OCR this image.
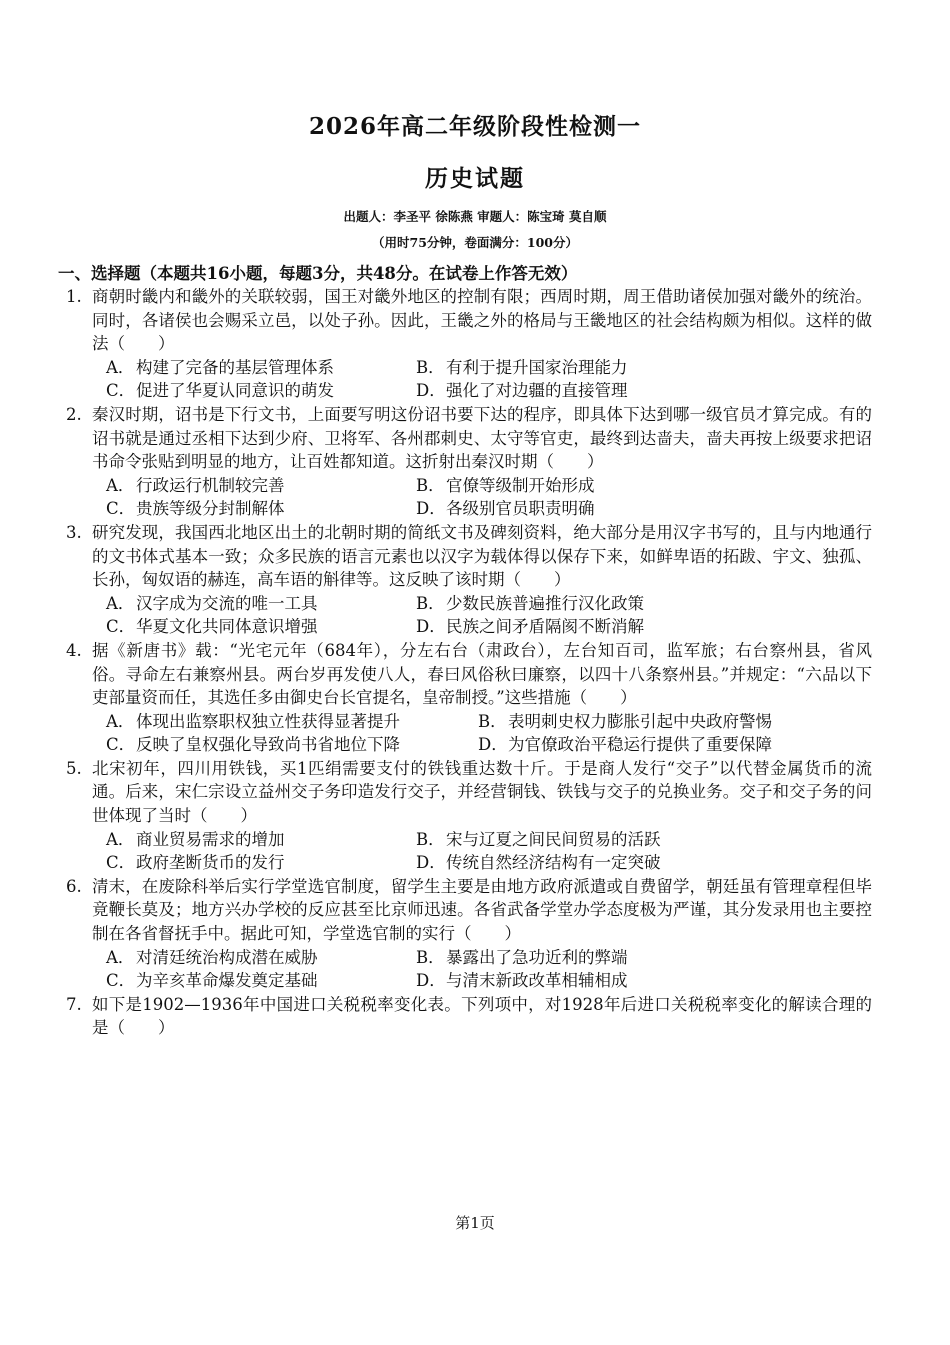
2026年高二年级阶段性检测一
历史试题
出题人：李圣平 徐陈燕 审题人：陈宝琦 莫自顺
（用时75分钟，卷面满分：100分）
一、选择题（本题共16小题，每题3分，共48分。在试卷上作答无效）
1. 商朝时畿内和畿外的关联较弱，国王对畿外地区的控制有限；西周时期，周王借助诸侯加强对畿外的统治。同时，各诸侯也会赐采立邑，以处子孙。因此，王畿之外的格局与王畿地区的社会结构颇为相似。这样的做法（　　）
A．构建了完备的基层管理体系	B．有利于提升国家治理能力
C．促进了华夏认同意识的萌发	D．强化了对边疆的直接管理
2. 秦汉时期，诏书是下行文书，上面要写明这份诏书要下达的程序，即具体下达到哪一级官员才算完成。有的诏书就是通过丞相下达到少府、卫将军、各州郡刺史、太守等官吏，最终到达啬夫，啬夫再按上级要求把诏书命令张贴到明显的地方，让百姓都知道。这折射出秦汉时期（　　）
A．行政运行机制较完善	B．官僚等级制开始形成
C．贵族等级分封制解体	D．各级别官员职责明确
3. 研究发现，我国西北地区出土的北朝时期的简纸文书及碑刻资料，绝大部分是用汉字书写的，且与内地通行的文书体式基本一致；众多民族的语言元素也以汉字为载体得以保存下来，如鲜卑语的拓跋、宇文、独孤、长孙，匈奴语的赫连，高车语的斛律等。这反映了该时期（　　）
A．汉字成为交流的唯一工具	B．少数民族普遍推行汉化政策
C．华夏文化共同体意识增强	D．民族之间矛盾隔阂不断消解
4. 据《新唐书》载：“光宅元年（684年），分左右台（肃政台），左台知百司，监军旅；右台察州县，省风俗。寻命左右兼察州县。两台岁再发使八人，春曰风俗秋曰廉察，以四十八条察州县。”并规定：“六品以下吏部量资而任，其选任多由御史台长官提名，皇帝制授。”这些措施（　　）
A．体现出监察职权独立性获得显著提升	B．表明刺史权力膨胀引起中央政府警惕
C．反映了皇权强化导致尚书省地位下降	D．为官僚政治平稳运行提供了重要保障
5. 北宋初年，四川用铁钱，买1匹绢需要支付的铁钱重达数十斤。于是商人发行“交子”以代替金属货币的流通。后来，宋仁宗设立益州交子务印造发行交子，并经营铜钱、铁钱与交子的兑换业务。交子和交子务的问世体现了当时（　　）
A．商业贸易需求的增加	B．宋与辽夏之间民间贸易的活跃
C．政府垄断货币的发行	D．传统自然经济结构有一定突破
6. 清末，在废除科举后实行学堂选官制度，留学生主要是由地方政府派遣或自费留学，朝廷虽有管理章程但毕竟鞭长莫及；地方兴办学校的反应甚至比京师迅速。各省武备学堂办学态度极为严谨，其分发录用也主要控制在各省督抚手中。据此可知，学堂选官制的实行（　　）
A．对清廷统治构成潜在威胁	B．暴露出了急功近利的弊端
C．为辛亥革命爆发奠定基础	D．与清末新政改革相辅相成
7. 如下是1902—1936年中国进口关税税率变化表。下列项中，对1928年后进口关税税率变化的解读合理的是（　　）
第1页
